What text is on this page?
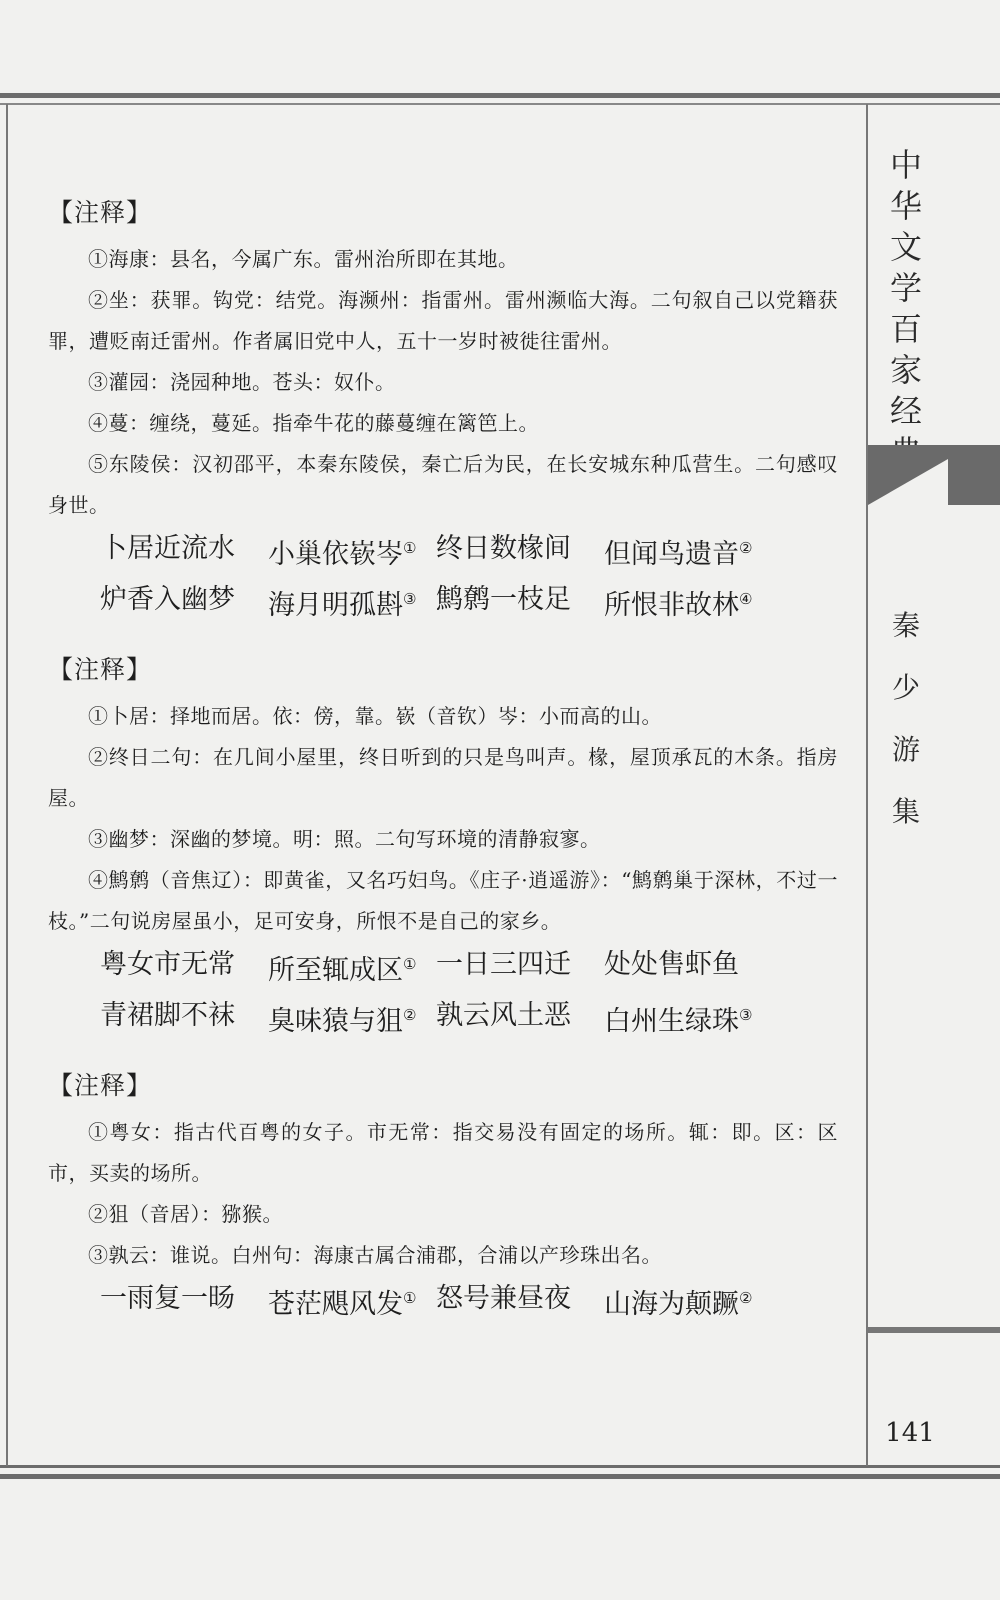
【注释】

①海康：县名，今属广东。雷州治所即在其地。

②坐：获罪。钩党：结党。海濒州：指雷州。雷州濒临大海。二句叙自己以党籍获罪，遭贬南迁雷州。作者属旧党中人，五十一岁时被徙往雷州。

③灌园：浇园种地。苍头：奴仆。

④蔓：缠绕，蔓延。指牵牛花的藤蔓缠在篱笆上。

⑤东陵侯：汉初邵平，本秦东陵侯，秦亡后为民，在长安城东种瓜营生。二句感叹身世。

卜居近流水	小巢依嵚岑① 终日数椽间	但闻鸟遗音②
炉香入幽梦	海月明孤斟③ 鹪鹩一枝足	所恨非故林④
【注释】

①卜居：择地而居。依：傍，靠。嵚（音钦）岑：小而高的山。

②终日二句：在几间小屋里，终日听到的只是鸟叫声。椽，屋顶承瓦的木条。指房屋。

③幽梦：深幽的梦境。明：照。二句写环境的清静寂寥。

④鹪鹩（音焦辽）：即黄雀，又名巧妇鸟。《庄子·逍遥游》：“鹪鹩巢于深林，不过一枝。”二句说房屋虽小，足可安身，所恨不是自己的家乡。

粤女市无常	所至辄成区① 一日三四迁	处处售虾鱼
青裙脚不袜	臭味猿与狙② 孰云风土恶	白州生绿珠③
【注释】

①粤女：指古代百粤的女子。市无常：指交易没有固定的场所。辄：即。区：区市，买卖的场所。

②狙（音居）：猕猴。

③孰云：谁说。白州句：海康古属合浦郡，合浦以产珍珠出名。

一雨复一旸	苍茫飓风发① 怒号兼昼夜	山海为颠蹶②
中
华
文
学
百
家
经
秦
少
游
集
141
